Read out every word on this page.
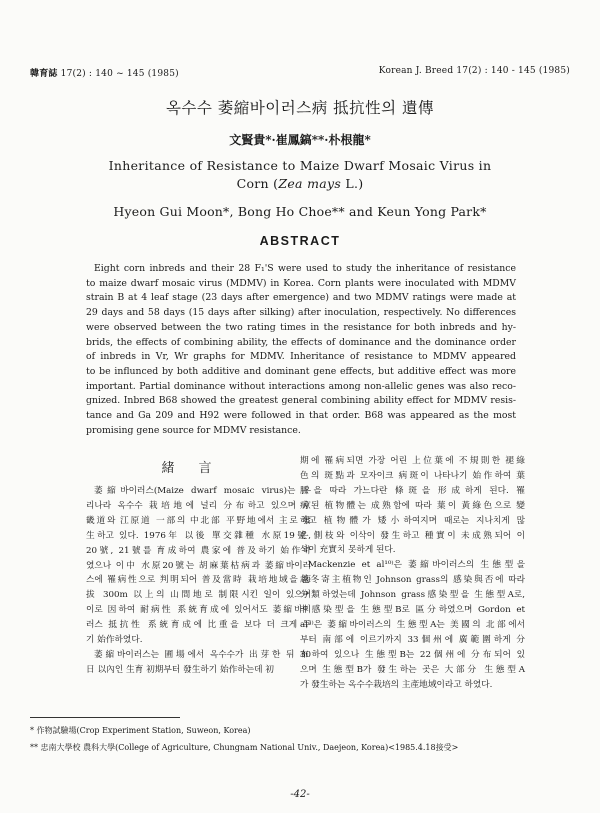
韓育誌 17(2) : 140 ~ 145 (1985)	Korean J. Breed 17(2) : 140 - 145 (1985)
옥수수 萎縮바이러스病 抵抗性의 遺傳
文賢貴*·崔鳳鎬**·朴根龍*
Inheritance of Resistance to Maize Dwarf Mosaic Virus in
Corn (Zea mays L.)
Hyeon Gui Moon*, Bong Ho Choe** and Keun Yong Park*
ABSTRACT
Eight corn inbreds and their 28 F₁'S were used to study the inheritance of resistance
to maize dwarf mosaic virus (MDMV) in Korea. Corn plants were inoculated with MDMV
strain B at 4 leaf stage (23 days after emergence) and two MDMV ratings were made at
29 days and 58 days (15 days after silking) after inoculation, respectively. No differences
were observed between the two rating times in the resistance for both inbreds and hy-
brids, the effects of combining ability, the effects of dominance and the dominance order
of inbreds in Vr, Wr graphs for MDMV. Inheritance of resistance to MDMV appeared
to be influnced by both additive and dominant gene effects, but additive effect was more
important. Partial dominance without interactions among non-allelic genes was also reco-
gnized. Inbred B68 showed the greatest general combining ability effect for MDMV resis-
tance and Ga 209 and H92 were followed in that order. B68 was appeared as the most
promising gene source for MDMV resistance.
緒言
萎縮바이러스(Maize dwarf mosaic virus)는 우
리나라 옥수수 栽培地에 널리 分布하고 있으며 京
畿道와 江原道 一部의 中北部 平野地에서 主로 發
生하고 있다. 1976年 以後 單交雜種 水原19號,
20號, 21號를 育成하여 農家에 普及하기 始作하
였으나 이中 水原20號는 胡麻葉枯病과 萎縮바이러
스에 罹病性으로 判明되어 普及當時 栽培地域을 海
拔 300m 以上의 山間地로 制限시킨 일이 있으며
이로 因하여 耐病性 系統育成에 있어서도 萎縮바이
러스 抵抗性 系統育成에 比重을 보다 더 크게 두
기 始作하였다.
萎縮바이러스는 圃場에서 옥수수가 出芽한 뒤 30
日 以內인 生育 初期부터 發生하기 始作하는데 初
期에 罹病되면 가장 어린 上位葉에 不規則한 褪綠
色의 斑點과 모자이크 病斑이 나타나기 始作하여 葉
脈을 따라 가느다란 條斑을 形成하게 된다. 罹
病된 植物體는 成熟함에 따라 葉이 黃綠色으로 變
하고 植物體가 矮小하여지며 때로는 지나치게 많
은 側枝와 이삭이 發生하고 種實이 未成熟되어 이
삭이 充實치 못하게 된다.
Mackenzie et al¹⁰⁾은 萎縮바이러스의 生態型을
越冬寄主植物인 Johnson grass의 感染與否에 따라
分類하였는데 Johnson grass感染型을 生態型A로,
非感染型을 生態型B로 區分하였으며 Gordon et
al³⁾은 萎縮바이러스의 生態型A는 美國의 北部에서
부터 南部에 이르기까지 33個州에 廣範圍하게 分
布하여 있으나 生態型B는 22個州에 分布되어 있
으며 生態型B가 發生하는 곳은 大部分 生態型A
가 發生하는 옥수수栽培의 主產地域이라고 하였다.
* 作物試驗場(Crop Experiment Station, Suweon, Korea)
** 忠南大學校 農科大學(College of Agriculture, Chungnam National Univ., Daejeon, Korea)<1985.4.18接受>
-42-
